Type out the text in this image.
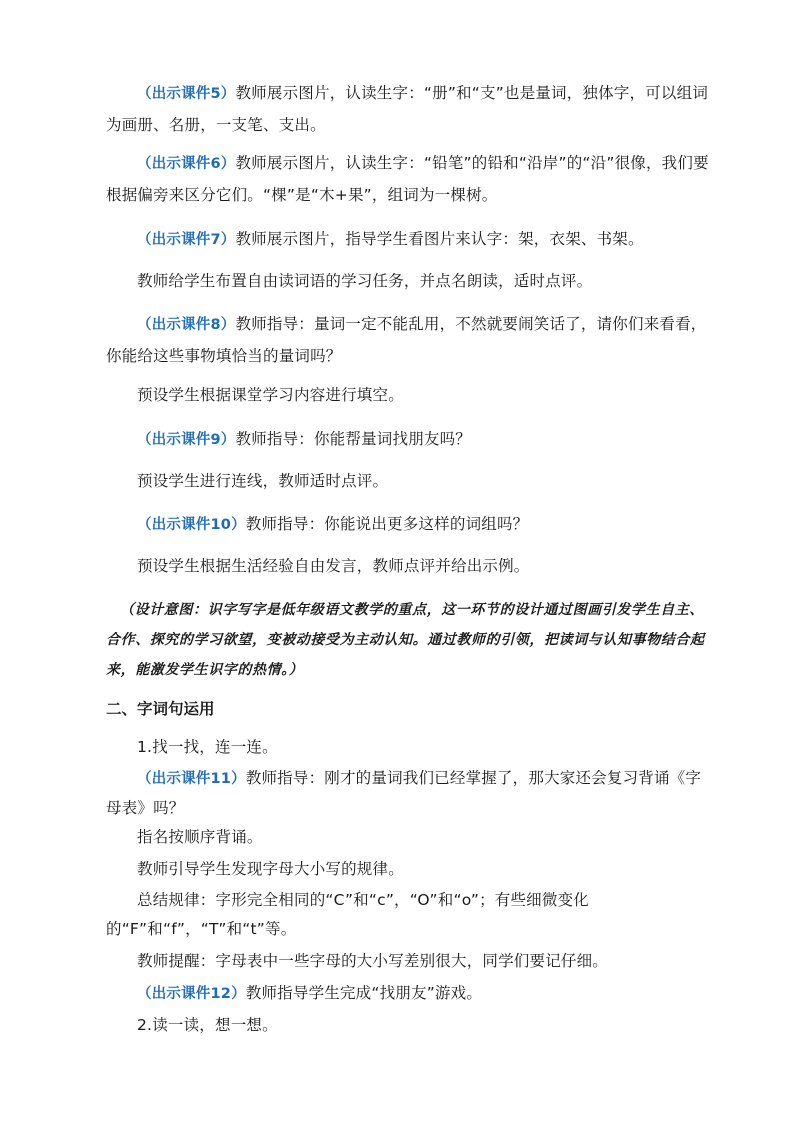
（出示课件5）教师展示图片，认读生字：“册”和“支”也是量词，独体字，可以组词为画册、名册，一支笔、支出。

（出示课件6）教师展示图片，认读生字：“铅笔”的铅和“沿岸”的“沿”很像，我们要根据偏旁来区分它们。“棵”是“木+果”，组词为一棵树。

（出示课件7）教师展示图片，指导学生看图片来认字：架，衣架、书架。

教师给学生布置自由读词语的学习任务，并点名朗读，适时点评。

（出示课件8）教师指导：量词一定不能乱用，不然就要闹笑话了，请你们来看看，你能给这些事物填恰当的量词吗？

预设学生根据课堂学习内容进行填空。

（出示课件9）教师指导：你能帮量词找朋友吗？

预设学生进行连线，教师适时点评。

（出示课件10）教师指导：你能说出更多这样的词组吗？

预设学生根据生活经验自由发言，教师点评并给出示例。

（设计意图：识字写字是低年级语文教学的重点，这一环节的设计通过图画引发学生自主、合作、探究的学习欲望，变被动接受为主动认知。通过教师的引领，把读词与认知事物结合起来，能激发学生识字的热情。）

二、字词句运用

1.找一找，连一连。

（出示课件11）教师指导：刚才的量词我们已经掌握了，那大家还会复习背诵《字母表》吗？

指名按顺序背诵。

教师引导学生发现字母大小写的规律。

总结规律：字形完全相同的“C”和“c”，“O”和“o”；有些细微变化的“F”和“f”，“T”和“t”等。

教师提醒：字母表中一些字母的大小写差别很大，同学们要记仔细。

（出示课件12）教师指导学生完成“找朋友”游戏。

2.读一读，想一想。
